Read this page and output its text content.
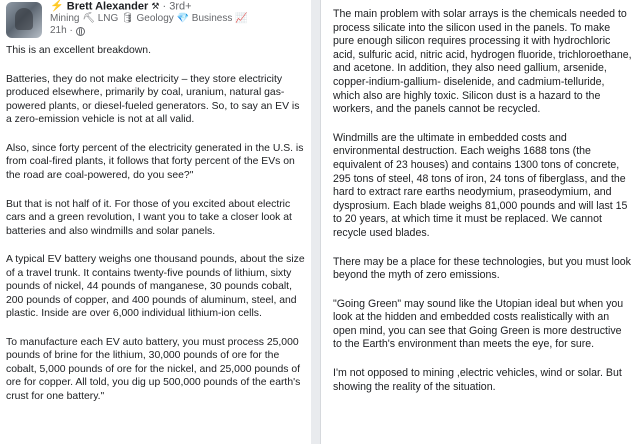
⚡ Brett Alexander ⚒ · 3rd+
Mining ⛏ LNG 🛢 Geology 💎 Business 📈
21h ·

This is an excellent breakdown.

Batteries, they do not make electricity – they store electricity produced elsewhere, primarily by coal, uranium, natural gas-powered plants, or diesel-fueled generators. So, to say an EV is a zero-emission vehicle is not at all valid.

Also, since forty percent of the electricity generated in the U.S. is from coal-fired plants, it follows that forty percent of the EVs on the road are coal-powered, do you see?"

But that is not half of it. For those of you excited about electric cars and a green revolution, I want you to take a closer look at batteries and also windmills and solar panels.

A typical EV battery weighs one thousand pounds, about the size of a travel trunk. It contains twenty-five pounds of lithium, sixty pounds of nickel, 44 pounds of manganese, 30 pounds cobalt, 200 pounds of copper, and 400 pounds of aluminum, steel, and plastic. Inside are over 6,000 individual lithium-ion cells.

To manufacture each EV auto battery, you must process 25,000 pounds of brine for the lithium, 30,000 pounds of ore for the cobalt, 5,000 pounds of ore for the nickel, and 25,000 pounds of ore for copper. All told, you dig up 500,000 pounds of the earth's crust for one battery."

The main problem with solar arrays is the chemicals needed to process silicate into the silicon used in the panels. To make pure enough silicon requires processing it with hydrochloric acid, sulfuric acid, nitric acid, hydrogen fluoride, trichloroethane, and acetone. In addition, they also need gallium, arsenide, copper-indium-gallium- diselenide, and cadmium-telluride, which also are highly toxic. Silicon dust is a hazard to the workers, and the panels cannot be recycled.

Windmills are the ultimate in embedded costs and environmental destruction. Each weighs 1688 tons (the equivalent of 23 houses) and contains 1300 tons of concrete, 295 tons of steel, 48 tons of iron, 24 tons of fiberglass, and the hard to extract rare earths neodymium, praseodymium, and dysprosium. Each blade weighs 81,000 pounds and will last 15 to 20 years, at which time it must be replaced. We cannot recycle used blades.

There may be a place for these technologies, but you must look beyond the myth of zero emissions.

"Going Green" may sound like the Utopian ideal but when you look at the hidden and embedded costs realistically with an open mind, you can see that Going Green is more destructive to the Earth's environment than meets the eye, for sure.

I'm not opposed to mining ,electric vehicles, wind or solar. But showing the reality of the situation.
